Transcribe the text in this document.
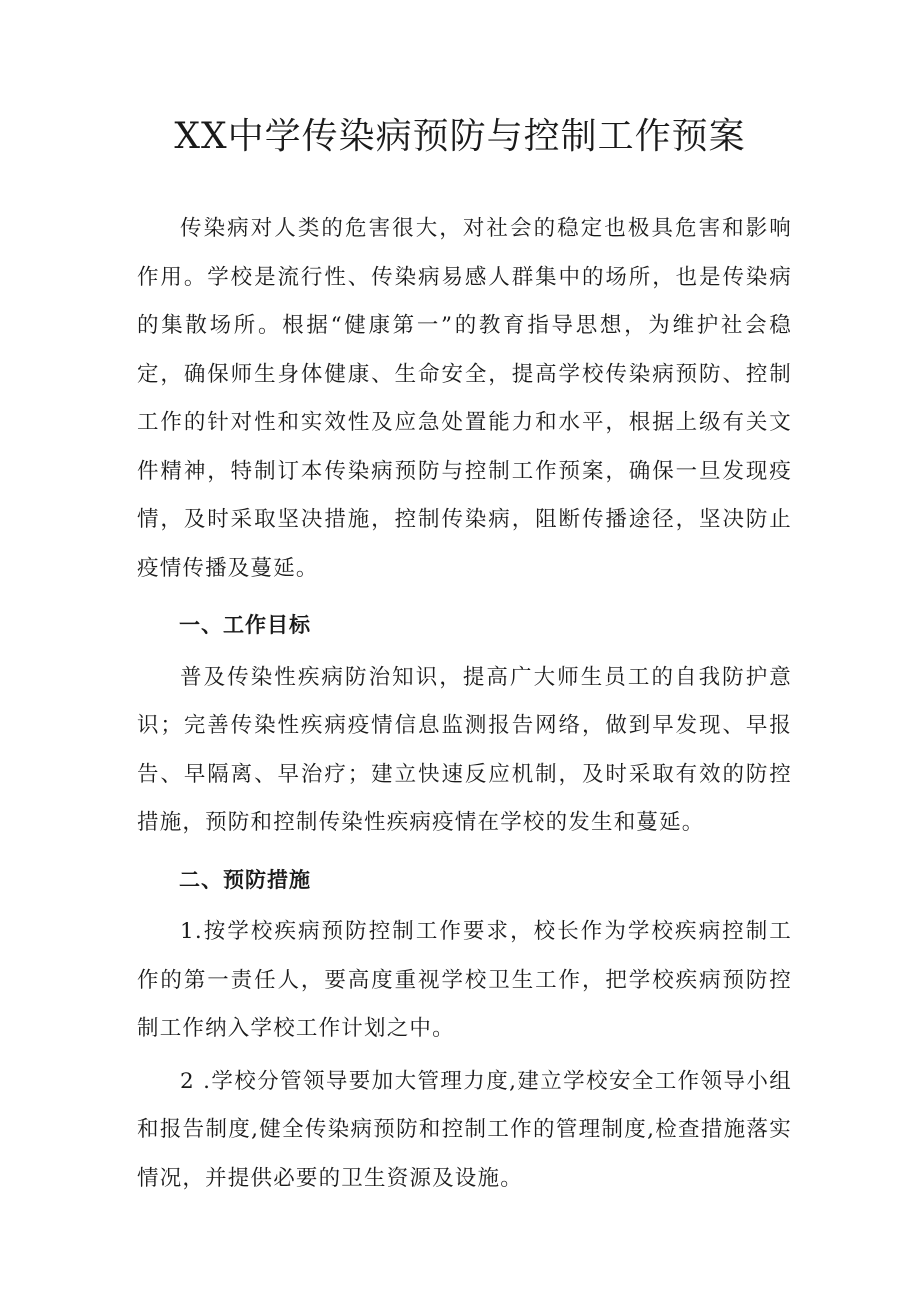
XX中学传染病预防与控制工作预案

传染病对人类的危害很大，对社会的稳定也极具危害和影响作用。学校是流行性、传染病易感人群集中的场所，也是传染病的集散场所。根据“健康第一”的教育指导思想，为维护社会稳定，确保师生身体健康、生命安全，提高学校传染病预防、控制工作的针对性和实效性及应急处置能力和水平，根据上级有关文件精神，特制订本传染病预防与控制工作预案，确保一旦发现疫情，及时采取坚决措施，控制传染病，阻断传播途径，坚决防止疫情传播及蔓延。

一、工作目标

普及传染性疾病防治知识，提高广大师生员工的自我防护意识；完善传染性疾病疫情信息监测报告网络，做到早发现、早报告、早隔离、早治疗；建立快速反应机制，及时采取有效的防控措施，预防和控制传染性疾病疫情在学校的发生和蔓延。

二、预防措施

1.按学校疾病预防控制工作要求，校长作为学校疾病控制工作的第一责任人，要高度重视学校卫生工作，把学校疾病预防控制工作纳入学校工作计划之中。

2 .学校分管领导要加大管理力度,建立学校安全工作领导小组和报告制度,健全传染病预防和控制工作的管理制度,检查措施落实情况，并提供必要的卫生资源及设施。
